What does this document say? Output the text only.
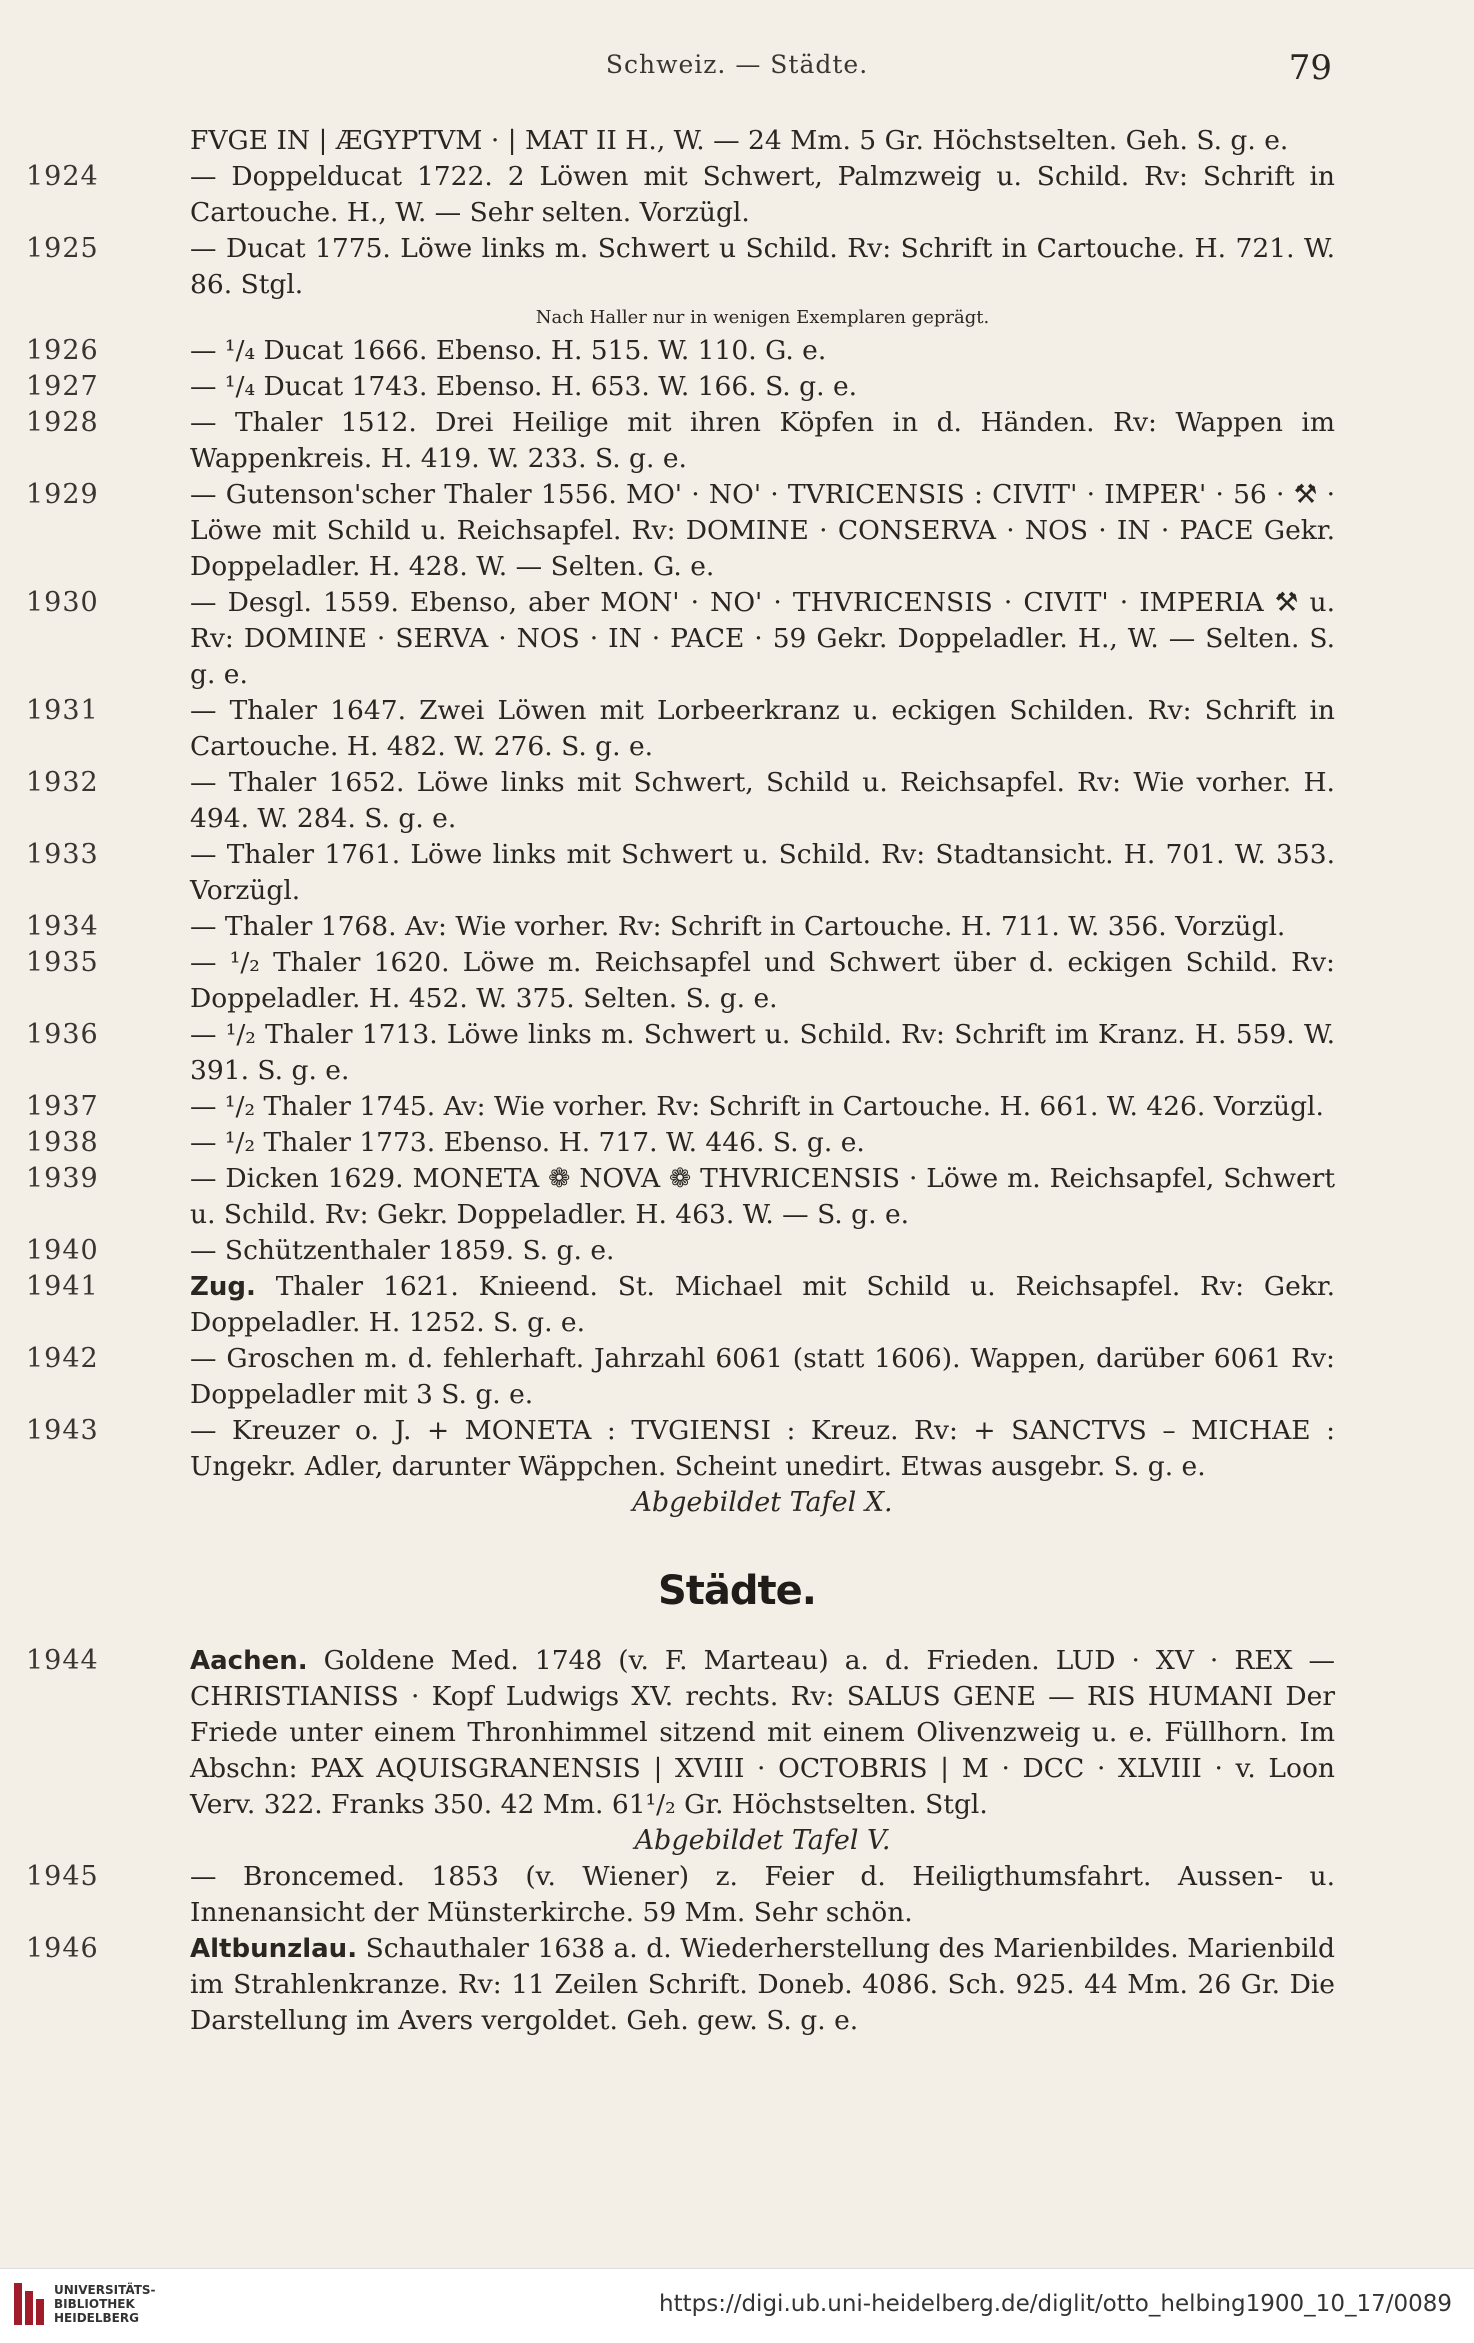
Schweiz. — Städte.	79
FVGE IN | ÆGYPTVM · | MAT II H., W. — 24 Mm. 5 Gr. Höchstselten. Geh. S. g. e.
1924	— Doppelducat 1722. 2 Löwen mit Schwert, Palmzweig u. Schild. Rv: Schrift in Cartouche. H., W. — Sehr selten. Vorzügl.
1925	— Ducat 1775. Löwe links m. Schwert u Schild. Rv: Schrift in Cartouche. H. 721. W. 86. Stgl.
Nach Haller nur in wenigen Exemplaren geprägt.
1926	— ¹/₄ Ducat 1666. Ebenso. H. 515. W. 110. G. e.
1927	— ¹/₄ Ducat 1743. Ebenso. H. 653. W. 166. S. g. e.
1928	— Thaler 1512. Drei Heilige mit ihren Köpfen in d. Händen. Rv: Wappen im Wappenkreis. H. 419. W. 233. S. g. e.
1929	— Gutenson'scher Thaler 1556. MO' · NO' · TVRICENSIS : CIVIT' · IMPER' · 56 · ⚒ · Löwe mit Schild u. Reichsapfel. Rv: DOMINE · CONSERVA · NOS · IN · PACE Gekr. Doppeladler. H. 428. W. — Selten. G. e.
1930	— Desgl. 1559. Ebenso, aber MON' · NO' · THVRICENSIS · CIVIT' · IMPERIA ⚒ u. Rv: DOMINE · SERVA · NOS · IN · PACE · 59 Gekr. Doppeladler. H., W. — Selten. S. g. e.
1931	— Thaler 1647. Zwei Löwen mit Lorbeerkranz u. eckigen Schilden. Rv: Schrift in Cartouche. H. 482. W. 276. S. g. e.
1932	— Thaler 1652. Löwe links mit Schwert, Schild u. Reichsapfel. Rv: Wie vorher. H. 494. W. 284. S. g. e.
1933	— Thaler 1761. Löwe links mit Schwert u. Schild. Rv: Stadtansicht. H. 701. W. 353. Vorzügl.
1934	— Thaler 1768. Av: Wie vorher. Rv: Schrift in Cartouche. H. 711. W. 356. Vorzügl.
1935	— ¹/₂ Thaler 1620. Löwe m. Reichsapfel und Schwert über d. eckigen Schild. Rv: Doppeladler. H. 452. W. 375. Selten. S. g. e.
1936	— ¹/₂ Thaler 1713. Löwe links m. Schwert u. Schild. Rv: Schrift im Kranz. H. 559. W. 391. S. g. e.
1937	— ¹/₂ Thaler 1745. Av: Wie vorher. Rv: Schrift in Cartouche. H. 661. W. 426. Vorzügl.
1938	— ¹/₂ Thaler 1773. Ebenso. H. 717. W. 446. S. g. e.
1939	— Dicken 1629. MONETA ❁ NOVA ❁ THVRICENSIS · Löwe m. Reichsapfel, Schwert u. Schild. Rv: Gekr. Doppeladler. H. 463. W. — S. g. e.
1940	— Schützenthaler 1859. S. g. e.
1941	Zug. Thaler 1621. Knieend. St. Michael mit Schild u. Reichsapfel. Rv: Gekr. Doppeladler. H. 1252. S. g. e.
1942	— Groschen m. d. fehlerhaft. Jahrzahl 6061 (statt 1606). Wappen, darüber 6061 Rv: Doppeladler mit 3 S. g. e.
1943	— Kreuzer o. J. + MONETA : TVGIENSI : Kreuz. Rv: + SANCTVS – MICHAE : Ungekr. Adler, darunter Wäppchen. Scheint unedirt. Etwas ausgebr. S. g. e.
Abgebildet Tafel X.
Städte.
1944	Aachen. Goldene Med. 1748 (v. F. Marteau) a. d. Frieden. LUD · XV · REX — CHRISTIANISS · Kopf Ludwigs XV. rechts. Rv: SALUS GENE — RIS HUMANI Der Friede unter einem Thronhimmel sitzend mit einem Olivenzweig u. e. Füllhorn. Im Abschn: PAX AQUISGRANENSIS | XVIII · OCTOBRIS | M · DCC · XLVIII · v. Loon Verv. 322. Franks 350. 42 Mm. 61¹/₂ Gr. Höchstselten. Stgl.
Abgebildet Tafel V.
1945	— Broncemed. 1853 (v. Wiener) z. Feier d. Heiligthumsfahrt. Aussen- u. Innenansicht der Münsterkirche. 59 Mm. Sehr schön.
1946	Altbunzlau. Schauthaler 1638 a. d. Wiederherstellung des Marienbildes. Marienbild im Strahlenkranze. Rv: 11 Zeilen Schrift. Doneb. 4086. Sch. 925. 44 Mm. 26 Gr. Die Darstellung im Avers vergoldet. Geh. gew. S. g. e.
UNIVERSITÄTS-
BIBLIOTHEK
HEIDELBERG
https://digi.ub.uni-heidelberg.de/diglit/otto_helbing1900_10_17/0089
